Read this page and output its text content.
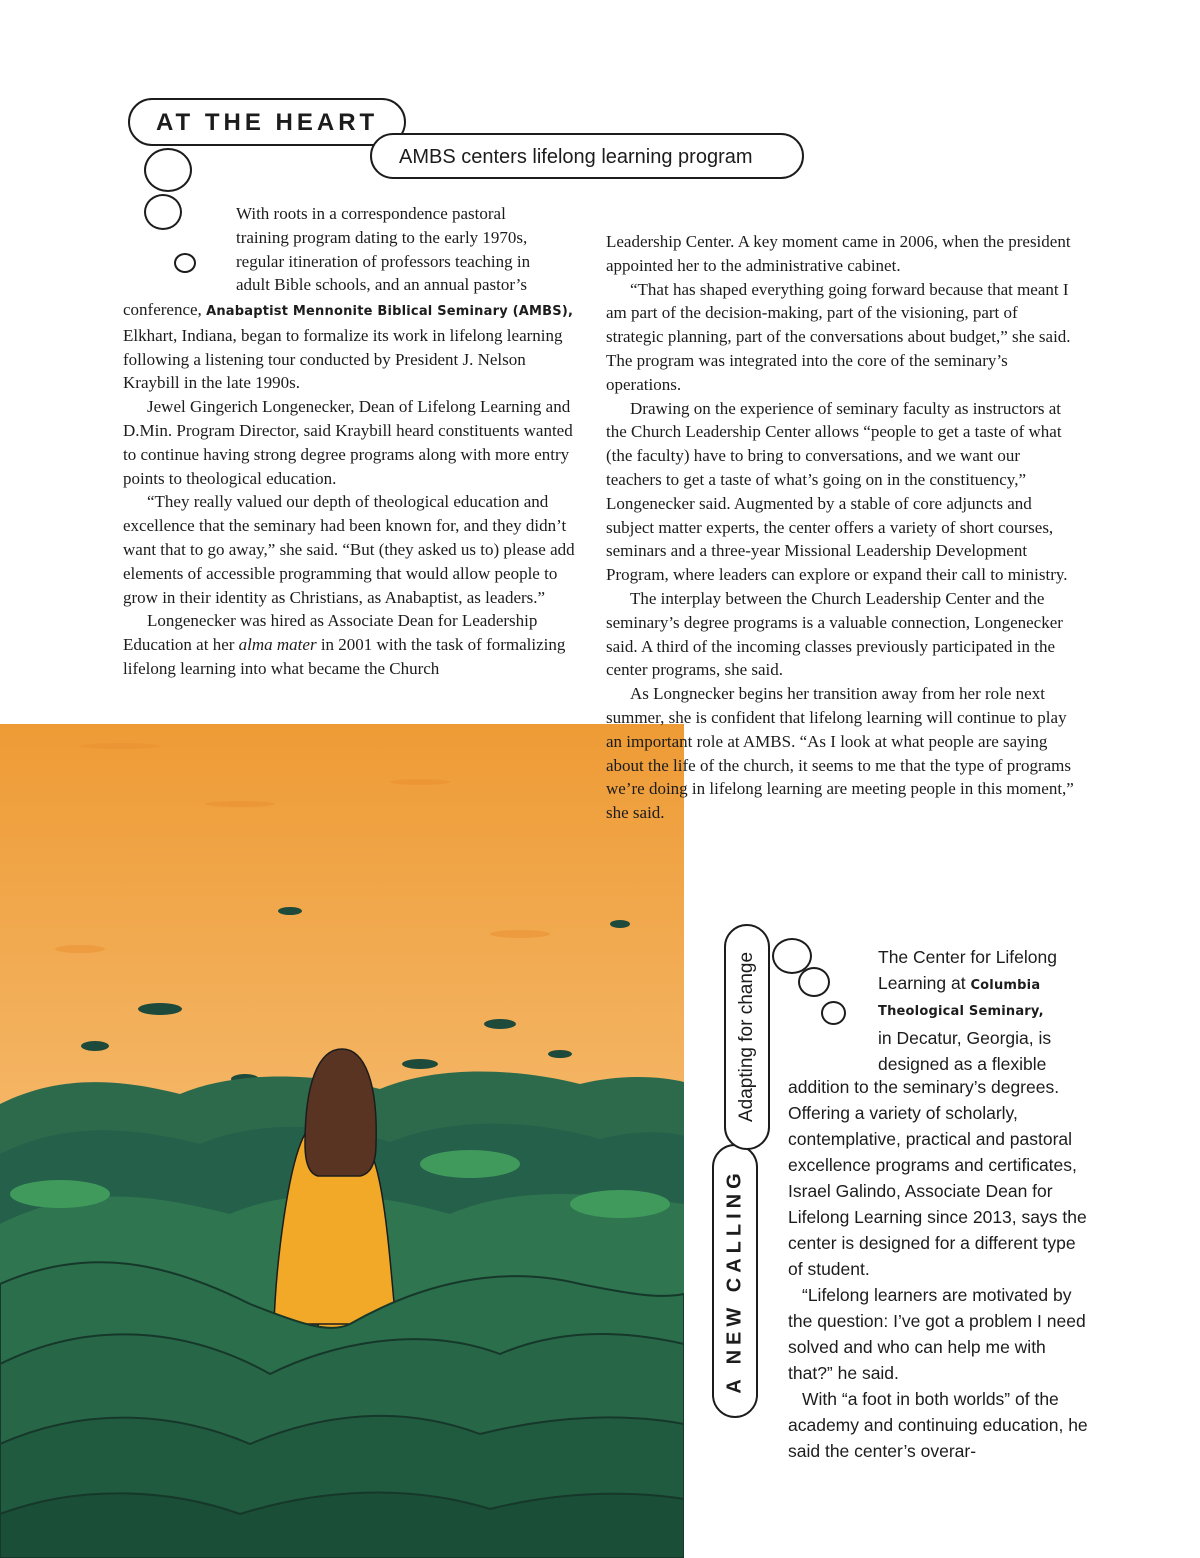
AT THE HEART
AMBS centers lifelong learning program
With roots in a correspondence pastoral
training program dating to the early 1970s,
regular itineration of professors teaching in
adult Bible schools, and an annual pastor’s

conference, Anabaptist Mennonite Biblical Seminary (AMBS), Elkhart, Indiana, began to formalize its work in lifelong learning following a listening tour conducted by President J. Nelson Kraybill in the late 1990s.

Jewel Gingerich Longenecker, Dean of Lifelong Learning and D.Min. Program Director, said Kraybill heard constituents wanted to continue having strong degree programs along with more entry points to theological education.

“They really valued our depth of theological education and excellence that the seminary had been known for, and they didn’t want that to go away,” she said. “But (they asked us to) please add elements of accessible programming that would allow people to grow in their identity as Christians, as Anabaptist, as leaders.”

Longenecker was hired as Associate Dean for Leadership Education at her alma mater in 2001 with the task of formalizing lifelong learning into what became the Church

Leadership Center. A key moment came in 2006, when the president appointed her to the administrative cabinet.

“That has shaped everything going forward because that meant I am part of the decision-making, part of the visioning, part of strategic planning, part of the conversations about budget,” she said. The program was integrated into the core of the seminary’s operations.

Drawing on the experience of seminary faculty as instructors at the Church Leadership Center allows “people to get a taste of what (the faculty) have to bring to conversations, and we want our teachers to get a taste of what’s going on in the constituency,” Longenecker said. Augmented by a stable of core adjuncts and subject matter experts, the center offers a variety of short courses, seminars and a three-year Missional Leadership Development Program, where leaders can explore or expand their call to ministry.

The interplay between the Church Leadership Center and the seminary’s degree programs is a valuable connection, Longenecker said. A third of the incoming classes previously participated in the center programs, she said.

As Longnecker begins her transition away from her role next summer, she is confident that lifelong learning will continue to play an important role at AMBS. “As I look at what people are saying about the life of the church, it seems to me that the type of programs we’re doing in lifelong learning are meeting people in this moment,” she said.

A NEW CALLING
Adapting for change	The Center for Lifelong
Learning at Columbia
Theological Seminary,
in Decatur, Georgia, is
designed as a flexible

addition to the seminary’s degrees. Offering a variety of scholarly, contemplative, practical and pastoral excellence programs and certificates, Israel Galindo, Associate Dean for Lifelong Learning since 2013, says the center is designed for a different type of student.

“Lifelong learners are motivated by the question: I’ve got a problem I need solved and who can help me with that?” he said.

With “a foot in both worlds” of the academy and continuing education, he said the center’s overar-
